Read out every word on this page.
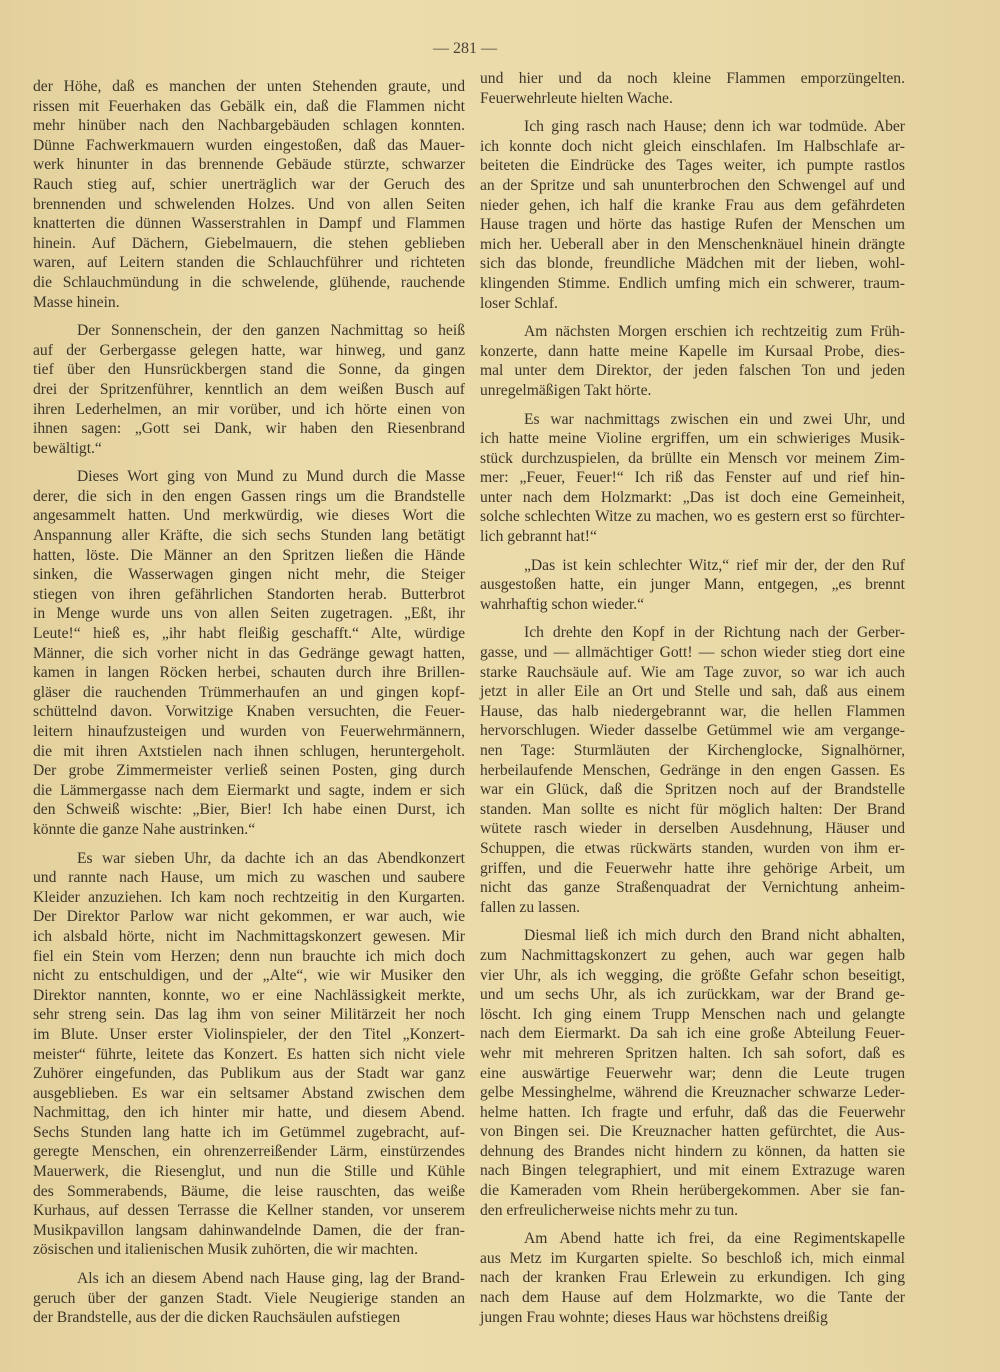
— 281 —
der Höhe, daß es manchen der unten Stehenden graute, und
rissen mit Feuerhaken das Gebälk ein, daß die Flammen nicht
mehr hinüber nach den Nachbargebäuden schlagen konnten.
Dünne Fachwerkmauern wurden eingestoßen, daß das Mauer-
werk hinunter in das brennende Gebäude stürzte, schwarzer
Rauch stieg auf, schier unerträglich war der Geruch des
brennenden und schwelenden Holzes. Und von allen Seiten
knatterten die dünnen Wasserstrahlen in Dampf und Flammen
hinein. Auf Dächern, Giebelmauern, die stehen geblieben
waren, auf Leitern standen die Schlauchführer und richteten
die Schlauchmündung in die schwelende, glühende, rauchende
Masse hinein.
Der Sonnenschein, der den ganzen Nachmittag so heiß
auf der Gerbergasse gelegen hatte, war hinweg, und ganz
tief über den Hunsrückbergen stand die Sonne, da gingen
drei der Spritzenführer, kenntlich an dem weißen Busch auf
ihren Lederhelmen, an mir vorüber, und ich hörte einen von
ihnen sagen: „Gott sei Dank, wir haben den Riesenbrand
bewältigt.“
Dieses Wort ging von Mund zu Mund durch die Masse
derer, die sich in den engen Gassen rings um die Brandstelle
angesammelt hatten. Und merkwürdig, wie dieses Wort die
Anspannung aller Kräfte, die sich sechs Stunden lang betätigt
hatten, löste. Die Männer an den Spritzen ließen die Hände
sinken, die Wasserwagen gingen nicht mehr, die Steiger
stiegen von ihren gefährlichen Standorten herab. Butterbrot
in Menge wurde uns von allen Seiten zugetragen. „Eßt, ihr
Leute!“ hieß es, „ihr habt fleißig geschafft.“ Alte, würdige
Männer, die sich vorher nicht in das Gedränge gewagt hatten,
kamen in langen Röcken herbei, schauten durch ihre Brillen-
gläser die rauchenden Trümmerhaufen an und gingen kopf-
schüttelnd davon. Vorwitzige Knaben versuchten, die Feuer-
leitern hinaufzusteigen und wurden von Feuerwehrmännern,
die mit ihren Axtstielen nach ihnen schlugen, heruntergeholt.
Der grobe Zimmermeister verließ seinen Posten, ging durch
die Lämmergasse nach dem Eiermarkt und sagte, indem er sich
den Schweiß wischte: „Bier, Bier! Ich habe einen Durst, ich
könnte die ganze Nahe austrinken.“
Es war sieben Uhr, da dachte ich an das Abendkonzert
und rannte nach Hause, um mich zu waschen und saubere
Kleider anzuziehen. Ich kam noch rechtzeitig in den Kurgarten.
Der Direktor Parlow war nicht gekommen, er war auch, wie
ich alsbald hörte, nicht im Nachmittagskonzert gewesen. Mir
fiel ein Stein vom Herzen; denn nun brauchte ich mich doch
nicht zu entschuldigen, und der „Alte“, wie wir Musiker den
Direktor nannten, konnte, wo er eine Nachlässigkeit merkte,
sehr streng sein. Das lag ihm von seiner Militärzeit her noch
im Blute. Unser erster Violinspieler, der den Titel „Konzert-
meister“ führte, leitete das Konzert. Es hatten sich nicht viele
Zuhörer eingefunden, das Publikum aus der Stadt war ganz
ausgeblieben. Es war ein seltsamer Abstand zwischen dem
Nachmittag, den ich hinter mir hatte, und diesem Abend.
Sechs Stunden lang hatte ich im Getümmel zugebracht, auf-
geregte Menschen, ein ohrenzerreißender Lärm, einstürzendes
Mauerwerk, die Riesenglut, und nun die Stille und Kühle
des Sommerabends, Bäume, die leise rauschten, das weiße
Kurhaus, auf dessen Terrasse die Kellner standen, vor unserem
Musikpavillon langsam dahinwandelnde Damen, die der fran-
zösischen und italienischen Musik zuhörten, die wir machten.
Als ich an diesem Abend nach Hause ging, lag der Brand-
geruch über der ganzen Stadt. Viele Neugierige standen an
der Brandstelle, aus der die dicken Rauchsäulen aufstiegen
und hier und da noch kleine Flammen emporzüngelten.
Feuerwehrleute hielten Wache.
Ich ging rasch nach Hause; denn ich war todmüde. Aber
ich konnte doch nicht gleich einschlafen. Im Halbschlafe ar-
beiteten die Eindrücke des Tages weiter, ich pumpte rastlos
an der Spritze und sah ununterbrochen den Schwengel auf und
nieder gehen, ich half die kranke Frau aus dem gefährdeten
Hause tragen und hörte das hastige Rufen der Menschen um
mich her. Ueberall aber in den Menschenknäuel hinein drängte
sich das blonde, freundliche Mädchen mit der lieben, wohl-
klingenden Stimme. Endlich umfing mich ein schwerer, traum-
loser Schlaf.
Am nächsten Morgen erschien ich rechtzeitig zum Früh-
konzerte, dann hatte meine Kapelle im Kursaal Probe, dies-
mal unter dem Direktor, der jeden falschen Ton und jeden
unregelmäßigen Takt hörte.
Es war nachmittags zwischen ein und zwei Uhr, und
ich hatte meine Violine ergriffen, um ein schwieriges Musik-
stück durchzuspielen, da brüllte ein Mensch vor meinem Zim-
mer: „Feuer, Feuer!“ Ich riß das Fenster auf und rief hin-
unter nach dem Holzmarkt: „Das ist doch eine Gemeinheit,
solche schlechten Witze zu machen, wo es gestern erst so fürchter-
lich gebrannt hat!“
„Das ist kein schlechter Witz,“ rief mir der, der den Ruf
ausgestoßen hatte, ein junger Mann, entgegen, „es brennt
wahrhaftig schon wieder.“
Ich drehte den Kopf in der Richtung nach der Gerber-
gasse, und — allmächtiger Gott! — schon wieder stieg dort eine
starke Rauchsäule auf. Wie am Tage zuvor, so war ich auch
jetzt in aller Eile an Ort und Stelle und sah, daß aus einem
Hause, das halb niedergebrannt war, die hellen Flammen
hervorschlugen. Wieder dasselbe Getümmel wie am vergange-
nen Tage: Sturmläuten der Kirchenglocke, Signalhörner,
herbeilaufende Menschen, Gedränge in den engen Gassen. Es
war ein Glück, daß die Spritzen noch auf der Brandstelle
standen. Man sollte es nicht für möglich halten: Der Brand
wütete rasch wieder in derselben Ausdehnung, Häuser und
Schuppen, die etwas rückwärts standen, wurden von ihm er-
griffen, und die Feuerwehr hatte ihre gehörige Arbeit, um
nicht das ganze Straßenquadrat der Vernichtung anheim-
fallen zu lassen.
Diesmal ließ ich mich durch den Brand nicht abhalten,
zum Nachmittagskonzert zu gehen, auch war gegen halb
vier Uhr, als ich wegging, die größte Gefahr schon beseitigt,
und um sechs Uhr, als ich zurückkam, war der Brand ge-
löscht. Ich ging einem Trupp Menschen nach und gelangte
nach dem Eiermarkt. Da sah ich eine große Abteilung Feuer-
wehr mit mehreren Spritzen halten. Ich sah sofort, daß es
eine auswärtige Feuerwehr war; denn die Leute trugen
gelbe Messinghelme, während die Kreuznacher schwarze Leder-
helme hatten. Ich fragte und erfuhr, daß das die Feuerwehr
von Bingen sei. Die Kreuznacher hatten gefürchtet, die Aus-
dehnung des Brandes nicht hindern zu können, da hatten sie
nach Bingen telegraphiert, und mit einem Extrazuge waren
die Kameraden vom Rhein herübergekommen. Aber sie fan-
den erfreulicherweise nichts mehr zu tun.
Am Abend hatte ich frei, da eine Regimentskapelle
aus Metz im Kurgarten spielte. So beschloß ich, mich einmal
nach der kranken Frau Erlewein zu erkundigen. Ich ging
nach dem Hause auf dem Holzmarkte, wo die Tante der
jungen Frau wohnte; dieses Haus war höchstens dreißig
